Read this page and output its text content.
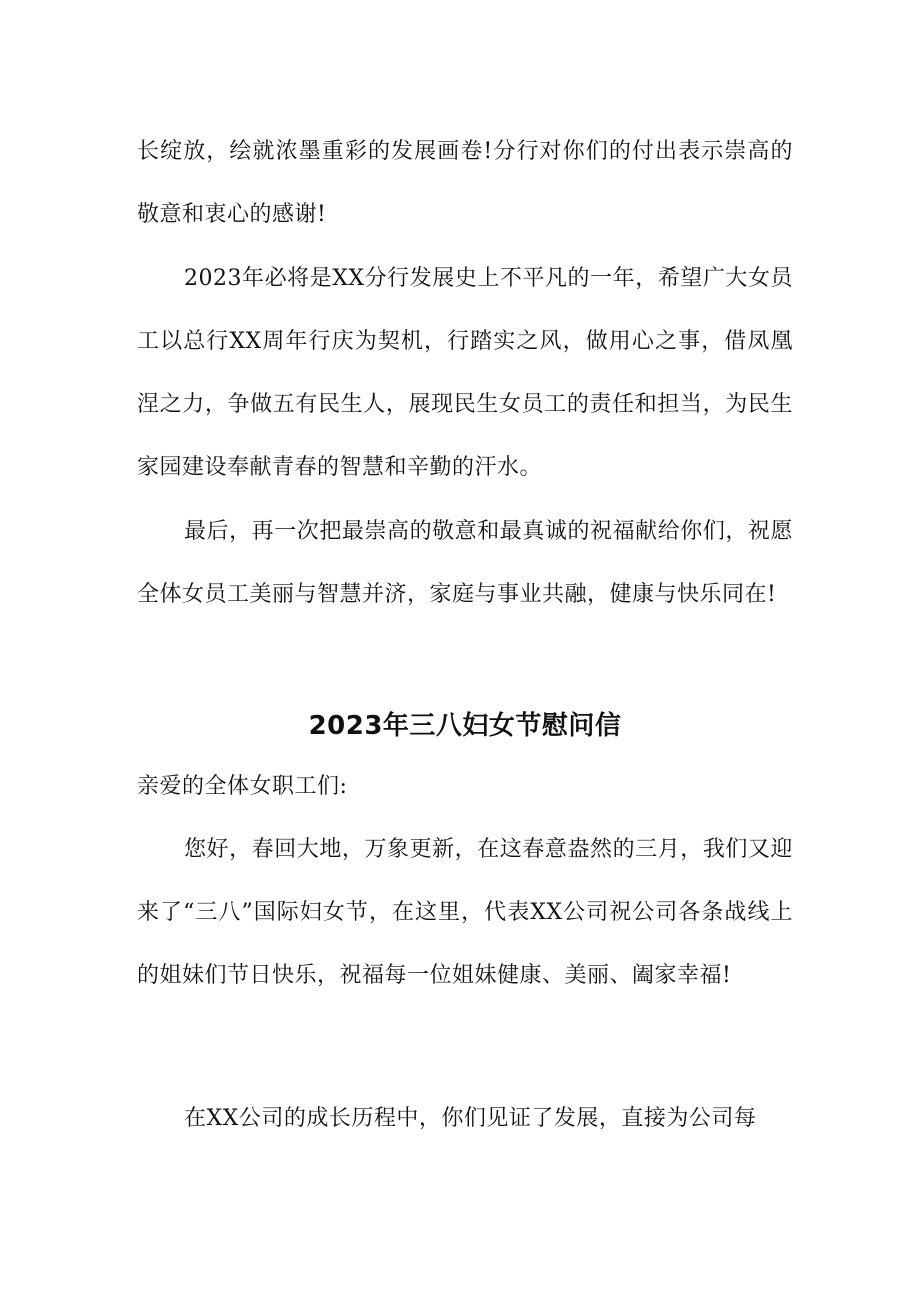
长绽放，绘就浓墨重彩的发展画卷!分行对你们的付出表示崇高的敬意和衷心的感谢!

2023年必将是XX分行发展史上不平凡的一年，希望广大女员工以总行XX周年行庆为契机，行踏实之风，做用心之事，借凤凰涅之力，争做五有民生人，展现民生女员工的责任和担当，为民生家园建设奉献青春的智慧和辛勤的汗水。

最后，再一次把最崇高的敬意和最真诚的祝福献给你们，祝愿全体女员工美丽与智慧并济，家庭与事业共融，健康与快乐同在!

2023年三八妇女节慰问信

亲爱的全体女职工们:

您好，春回大地，万象更新，在这春意盎然的三月，我们又迎来了“三八”国际妇女节，在这里，代表XX公司祝公司各条战线上的姐妹们节日快乐，祝福每一位姐妹健康、美丽、阖家幸福!

在XX公司的成长历程中，你们见证了发展，直接为公司每
